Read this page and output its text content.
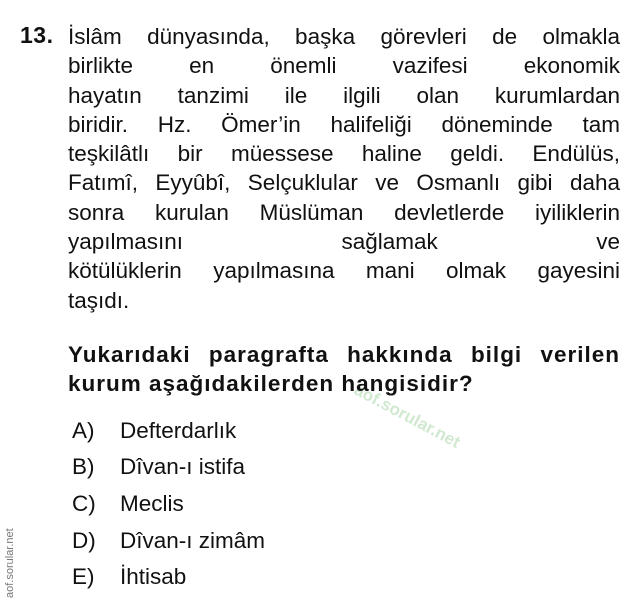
13. İslâm dünyasında, başka görevleri de olmakla
birlikte en önemli vazifesi ekonomik
hayatın tanzimi ile ilgili olan kurumlardan
biridir. Hz. Ömer’in halifeliği döneminde tam
teşkilâtlı bir müessese haline geldi. Endülüs,
Fatımî, Eyyûbî, Selçuklular ve Osmanlı gibi daha
sonra kurulan Müslüman devletlerde iyiliklerin
yapılmasını sağlamak ve
kötülüklerin yapılmasına mani olmak gayesini
taşıdı.
aof.sorular.net
Yukarıdaki paragrafta hakkında bilgi verilen
kurum aşağıdakilerden hangisidir?
A)	Defterdarlık
B)	Dîvan-ı istifa
C)	Meclis
D)	Dîvan-ı zimâm
E)	İhtisab
aof.sorular.net
